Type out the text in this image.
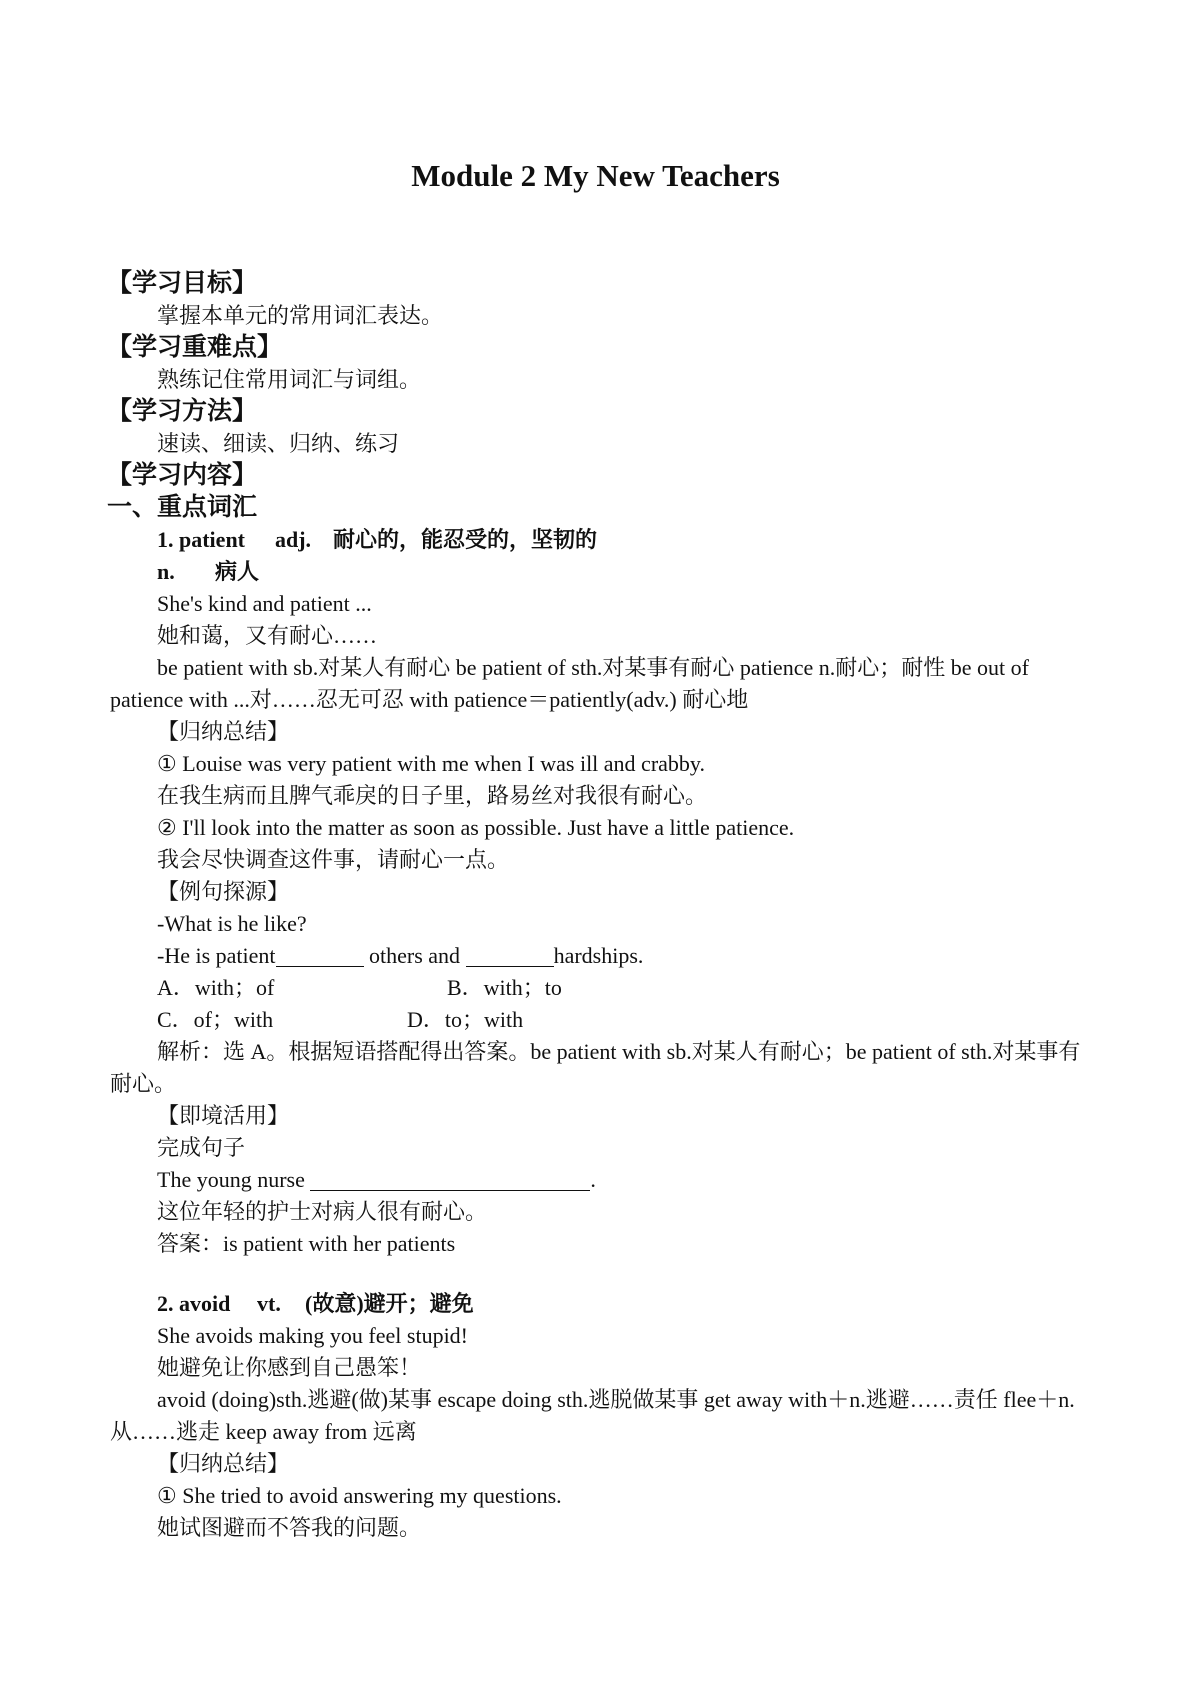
Module 2 My New Teachers
【学习目标】
掌握本单元的常用词汇表达。
【学习重难点】
熟练记住常用词汇与词组。
【学习方法】
速读、细读、归纳、练习
【学习内容】
一、重点词汇
1. patient adj. 耐心的，能忍受的，坚韧的
n. 病人
She's kind and patient ...
她和蔼，又有耐心……
be patient with sb.对某人有耐心 be patient of sth.对某事有耐心 patience n.耐心；耐性 be out of patience with ...对……忍无可忍 with patience＝patiently(adv.) 耐心地
【归纳总结】
① Louise was very patient with me when I was ill and crabby.
在我生病而且脾气乖戾的日子里，路易丝对我很有耐心。
② I'll look into the matter as soon as possible. Just have a little patience.
我会尽快调查这件事，请耐心一点。
【例句探源】
-What is he like?
-He is patient	others and	hardships.
A．with；of	B．with；to
C．of；with	D．to；with
解析：选 A。根据短语搭配得出答案。be patient with sb.对某人有耐心；be patient of sth.对某事有耐心。
【即境活用】
完成句子
The young nurse	.
这位年轻的护士对病人很有耐心。
答案：is patient with her patients
2. avoid vt. (故意)避开；避免
She avoids making you feel stupid!
她避免让你感到自己愚笨！
avoid (doing)sth.逃避(做)某事 escape doing sth.逃脱做某事 get away with＋n.逃避……责任 flee＋n.从……逃走 keep away from 远离
【归纳总结】
① She tried to avoid answering my questions.
她试图避而不答我的问题。
